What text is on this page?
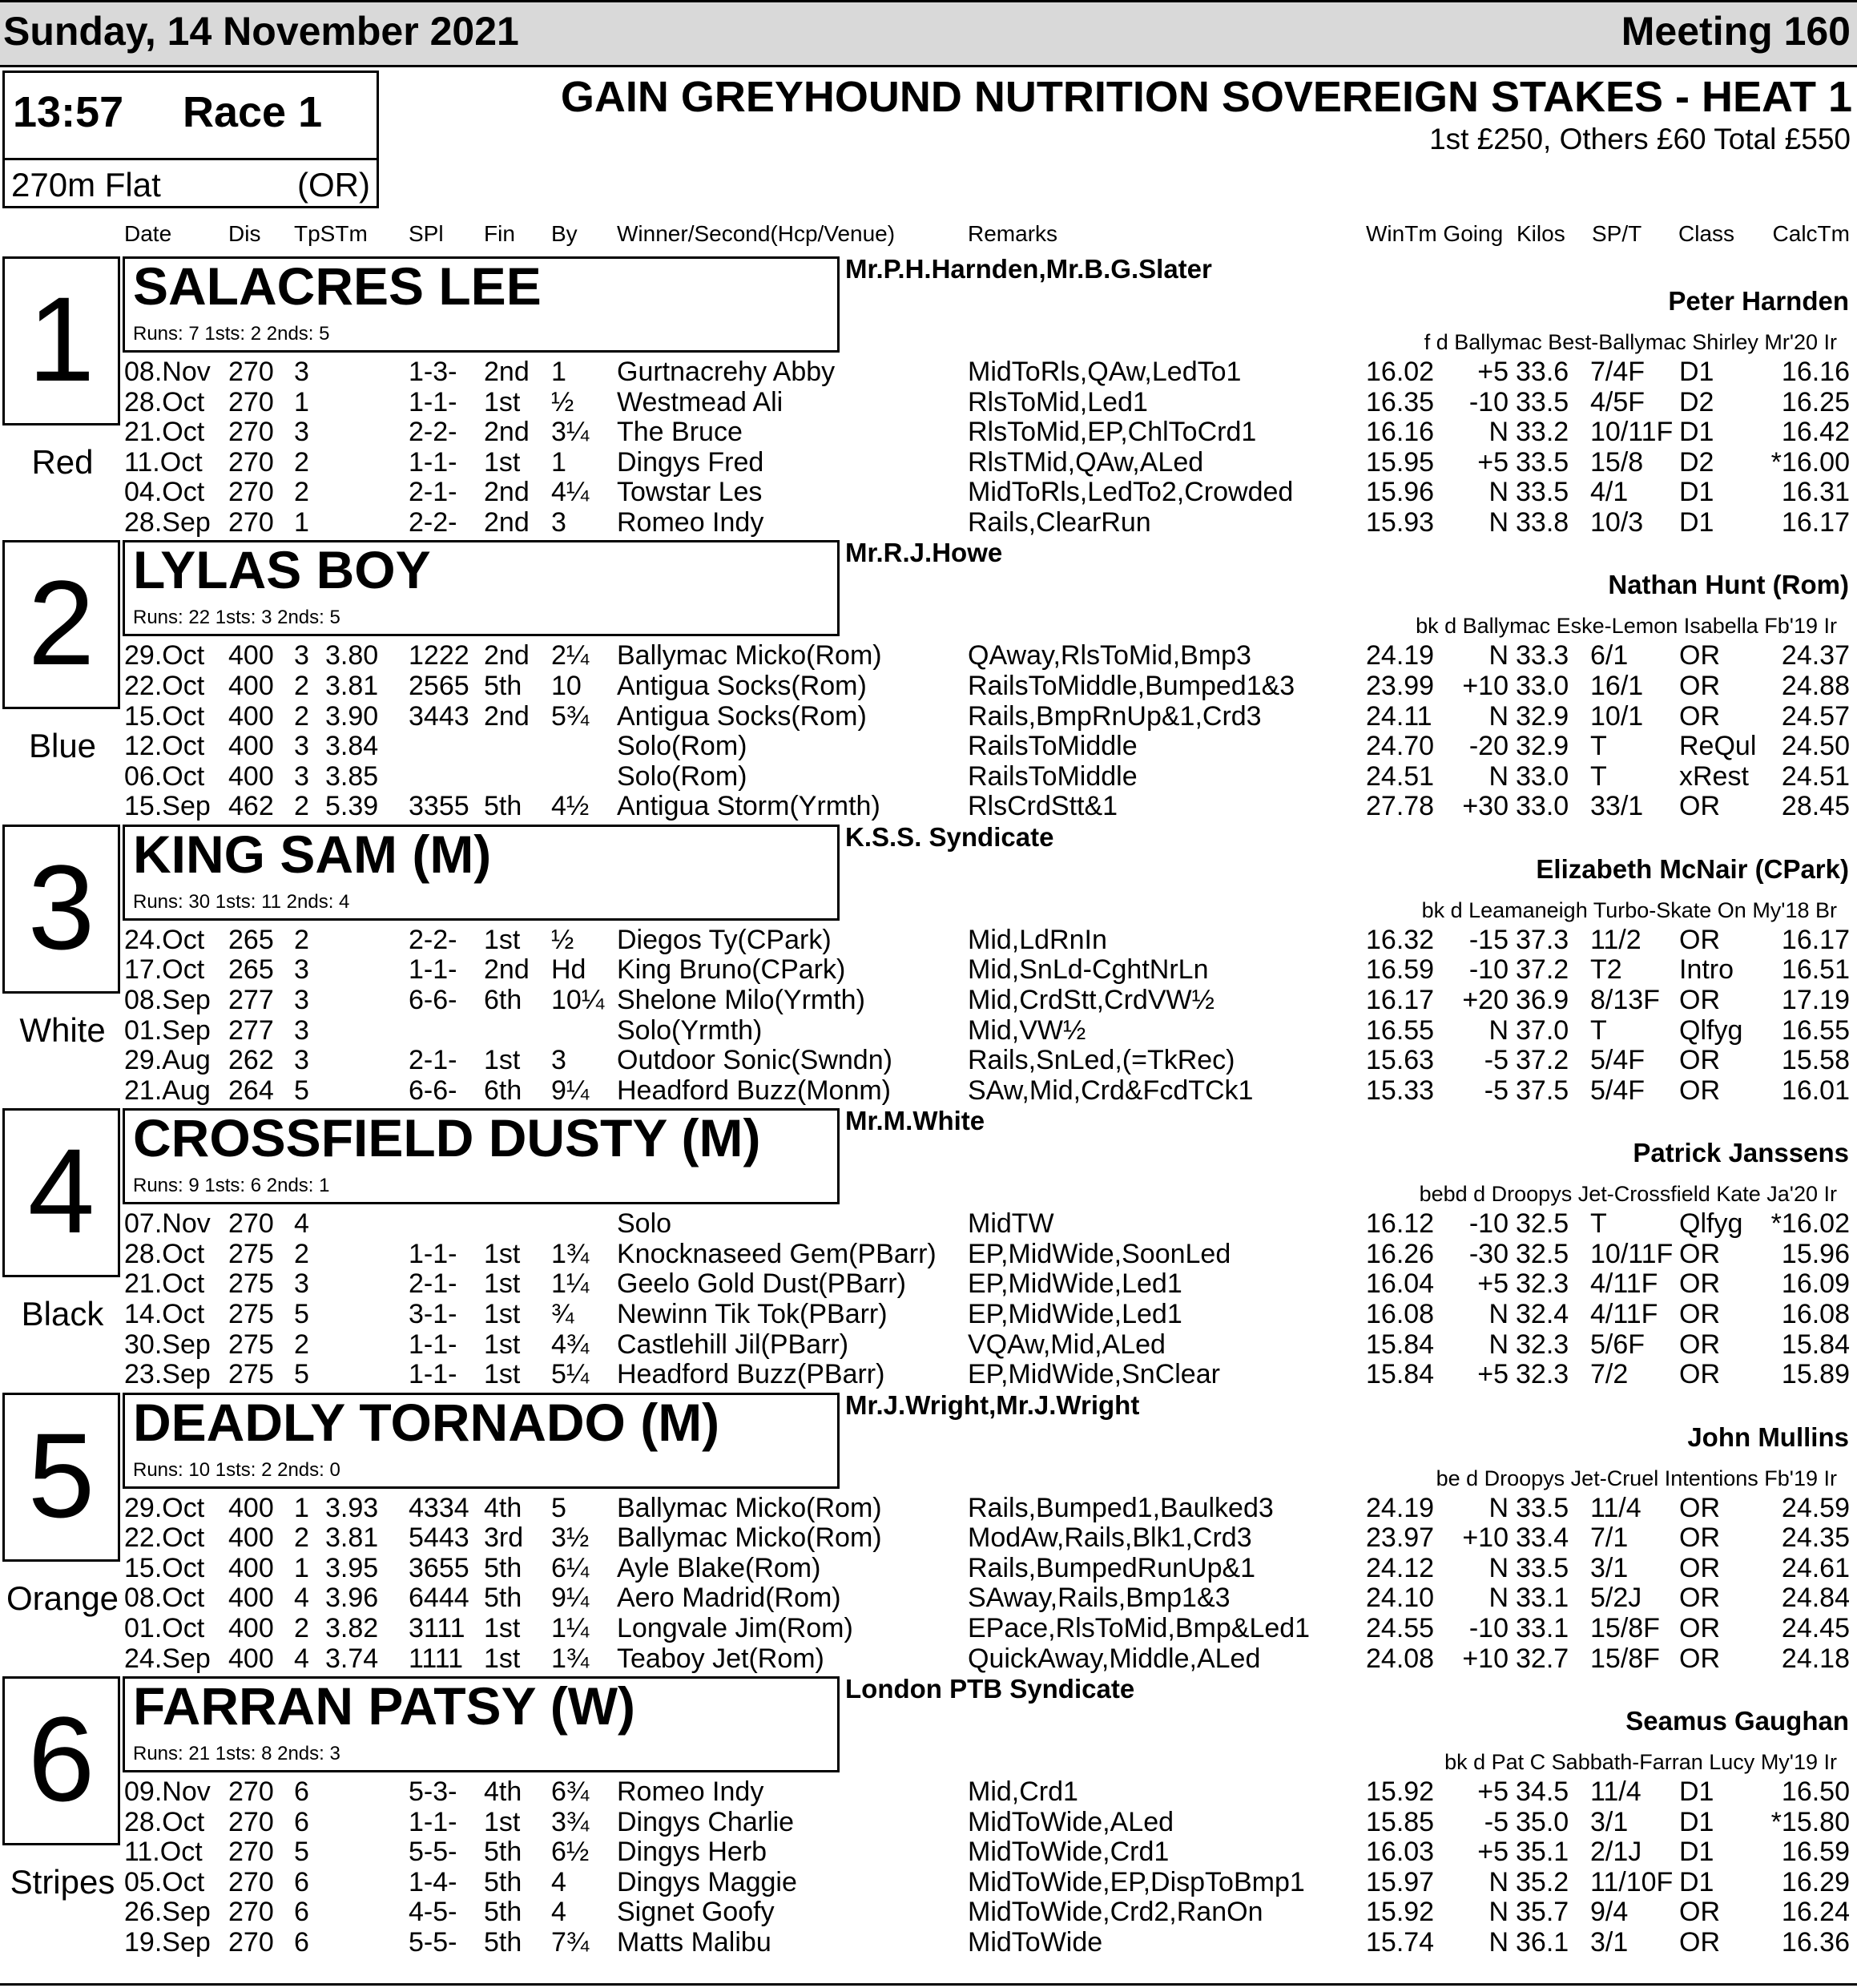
Sunday, 14 November 2021	Meeting 160
13:57 Race 1
270m Flat	(OR)
GAIN GREYHOUND NUTRITION SOVEREIGN STAKES - HEAT 1
1st £250, Others £60 Total £550
Date	Dis TpSTm SPl Fin By Winner/Second(Hcp/Venue)	Remarks	WinTm Going Kilos SP/T Class CalcTm
1
Red
SALACRES LEE
Runs: 7 1sts: 2 2nds: 5
Mr.P.H.Harnden,Mr.B.G.Slater
Peter Harnden
f d Ballymac Best-Ballymac Shirley Mr'20 Ir
08.Nov 270 3	1-3- 2nd 1 Gurtnacrehy Abby	MidToRls,QAw,LedTo1	16.02 +5 33.6 7/4F D1 16.16
28.Oct 270 1	1-1- 1st ½ Westmead Ali	RlsToMid,Led1	16.35 -10 33.5 4/5F D2 16.25
21.Oct 270 3	2-2- 2nd 3¼ The Bruce	RlsToMid,EP,ChlToCrd1	16.16 N 33.2 10/11F D1 16.42
11.Oct 270 2	1-1- 1st 1 Dingys Fred	RlsTMid,QAw,ALed	15.95 +5 33.5 15/8 D2 *16.00
04.Oct 270 2	2-1- 2nd 4¼ Towstar Les	MidToRls,LedTo2,Crowded	15.96 N 33.5 4/1 D1 16.31
28.Sep 270 1	2-2- 2nd 3 Romeo Indy	Rails,ClearRun	15.93 N 33.8 10/3 D1 16.17
2
Blue
LYLAS BOY
Runs: 22 1sts: 3 2nds: 5
Mr.R.J.Howe
Nathan Hunt (Rom)
bk d Ballymac Eske-Lemon Isabella Fb'19 Ir
29.Oct 400 3 3.80 1222 2nd 2¼ Ballymac Micko(Rom)	QAway,RlsToMid,Bmp3	24.19 N 33.3 6/1 OR 24.37
22.Oct 400 2 3.81 2565 5th 10 Antigua Socks(Rom)	RailsToMiddle,Bumped1&3	23.99 +10 33.0 16/1 OR 24.88
15.Oct 400 2 3.90 3443 2nd 5¾ Antigua Socks(Rom)	Rails,BmpRnUp&1,Crd3	24.11 N 32.9 10/1 OR 24.57
12.Oct 400 3 3.84	Solo(Rom)	RailsToMiddle	24.70 -20 32.9 T	ReQul 24.50
06.Oct 400 3 3.85	Solo(Rom)	RailsToMiddle	24.51 N 33.0 T	xRest 24.51
15.Sep 462 2 5.39 3355 5th 4½ Antigua Storm(Yrmth)	RlsCrdStt&1	27.78 +30 33.0 33/1 OR 28.45
3
White
KING SAM (M)
Runs: 30 1sts: 11 2nds: 4
K.S.S. Syndicate
Elizabeth McNair (CPark)
bk d Leamaneigh Turbo-Skate On My'18 Br
24.Oct 265 2	2-2- 1st ½ Diegos Ty(CPark)	Mid,LdRnIn	16.32 -15 37.3 11/2 OR 16.17
17.Oct 265 3	1-1- 2nd Hd King Bruno(CPark)	Mid,SnLd-CghtNrLn	16.59 -10 37.2 T2 Intro 16.51
08.Sep 277 3	6-6- 6th 10¼ Shelone Milo(Yrmth)	Mid,CrdStt,CrdVW½	16.17 +20 36.9 8/13F OR 17.19
01.Sep 277 3	Solo(Yrmth)	Mid,VW½	16.55 N 37.0 T	Qlfyg 16.55
29.Aug 262 3	2-1- 1st 3 Outdoor Sonic(Swndn)	Rails,SnLed,(=TkRec)	15.63 -5 37.2 5/4F OR 15.58
21.Aug 264 5	6-6- 6th 9¼ Headford Buzz(Monm)	SAw,Mid,Crd&FcdTCk1	15.33 -5 37.5 5/4F OR 16.01
4
Black
CROSSFIELD DUSTY (M)
Runs: 9 1sts: 6 2nds: 1
Mr.M.White
Patrick Janssens
bebd d Droopys Jet-Crossfield Kate Ja'20 Ir
07.Nov 270 4	Solo	MidTW	16.12 -10 32.5 T	Qlfyg *16.02
28.Oct 275 2	1-1- 1st 1¾ Knocknaseed Gem(PBarr) EP,MidWide,SoonLed	16.26 -30 32.5 10/11F OR 15.96
21.Oct 275 3	2-1- 1st 1¼ Geelo Gold Dust(PBarr) EP,MidWide,Led1	16.04 +5 32.3 4/11F OR 16.09
14.Oct 275 5	3-1- 1st ¾ Newinn Tik Tok(PBarr)	EP,MidWide,Led1	16.08 N 32.4 4/11F OR 16.08
30.Sep 275 2	1-1- 1st 4¾ Castlehill Jil(PBarr)	VQAw,Mid,ALed	15.84 N 32.3 5/6F OR 15.84
23.Sep 275 5	1-1- 1st 5¼ Headford Buzz(PBarr)	EP,MidWide,SnClear	15.84 +5 32.3 7/2 OR 15.89
5
Orange
DEADLY TORNADO (M)
Runs: 10 1sts: 2 2nds: 0
Mr.J.Wright,Mr.J.Wright
John Mullins
be d Droopys Jet-Cruel Intentions Fb'19 Ir
29.Oct 400 1 3.93 4334 4th 5 Ballymac Micko(Rom)	Rails,Bumped1,Baulked3	24.19 N 33.5 11/4 OR 24.59
22.Oct 400 2 3.81 5443 3rd 3½ Ballymac Micko(Rom)	ModAw,Rails,Blk1,Crd3	23.97 +10 33.4 7/1 OR 24.35
15.Oct 400 1 3.95 3655 5th 6¼ Ayle Blake(Rom)	Rails,BumpedRunUp&1	24.12 N 33.5 3/1 OR 24.61
08.Oct 400 4 3.96 6444 5th 9¼ Aero Madrid(Rom)	SAway,Rails,Bmp1&3	24.10 N 33.1 5/2J OR 24.84
01.Oct 400 2 3.82 3111 1st 1¼ Longvale Jim(Rom)	EPace,RlsToMid,Bmp&Led1 24.55 -10 33.1 15/8F OR 24.45
24.Sep 400 4 3.74 1111 1st 1¾ Teaboy Jet(Rom)	QuickAway,Middle,ALed	24.08 +10 32.7 15/8F OR 24.18
6
Stripes
FARRAN PATSY (W)
Runs: 21 1sts: 8 2nds: 3
London PTB Syndicate
Seamus Gaughan
bk d Pat C Sabbath-Farran Lucy My'19 Ir
09.Nov 270 6	5-3- 4th 6¾ Romeo Indy	Mid,Crd1	15.92 +5 34.5 11/4 D1 16.50
28.Oct 270 6	1-1- 1st 3¾ Dingys Charlie	MidToWide,ALed	15.85 -5 35.0 3/1 D1 *15.80
11.Oct 270 5	5-5- 5th 6½ Dingys Herb	MidToWide,Crd1	16.03 +5 35.1 2/1J D1 16.59
05.Oct 270 6	1-4- 5th 4 Dingys Maggie	MidToWide,EP,DispToBmp1 15.97 N 35.2 11/10F D1 16.29
26.Sep 270 6	4-5- 5th 4 Signet Goofy	MidToWide,Crd2,RanOn	15.92 N 35.7 9/4 OR 16.24
19.Sep 270 6	5-5- 5th 7¾ Matts Malibu	MidToWide	15.74 N 36.1 3/1 OR 16.36
